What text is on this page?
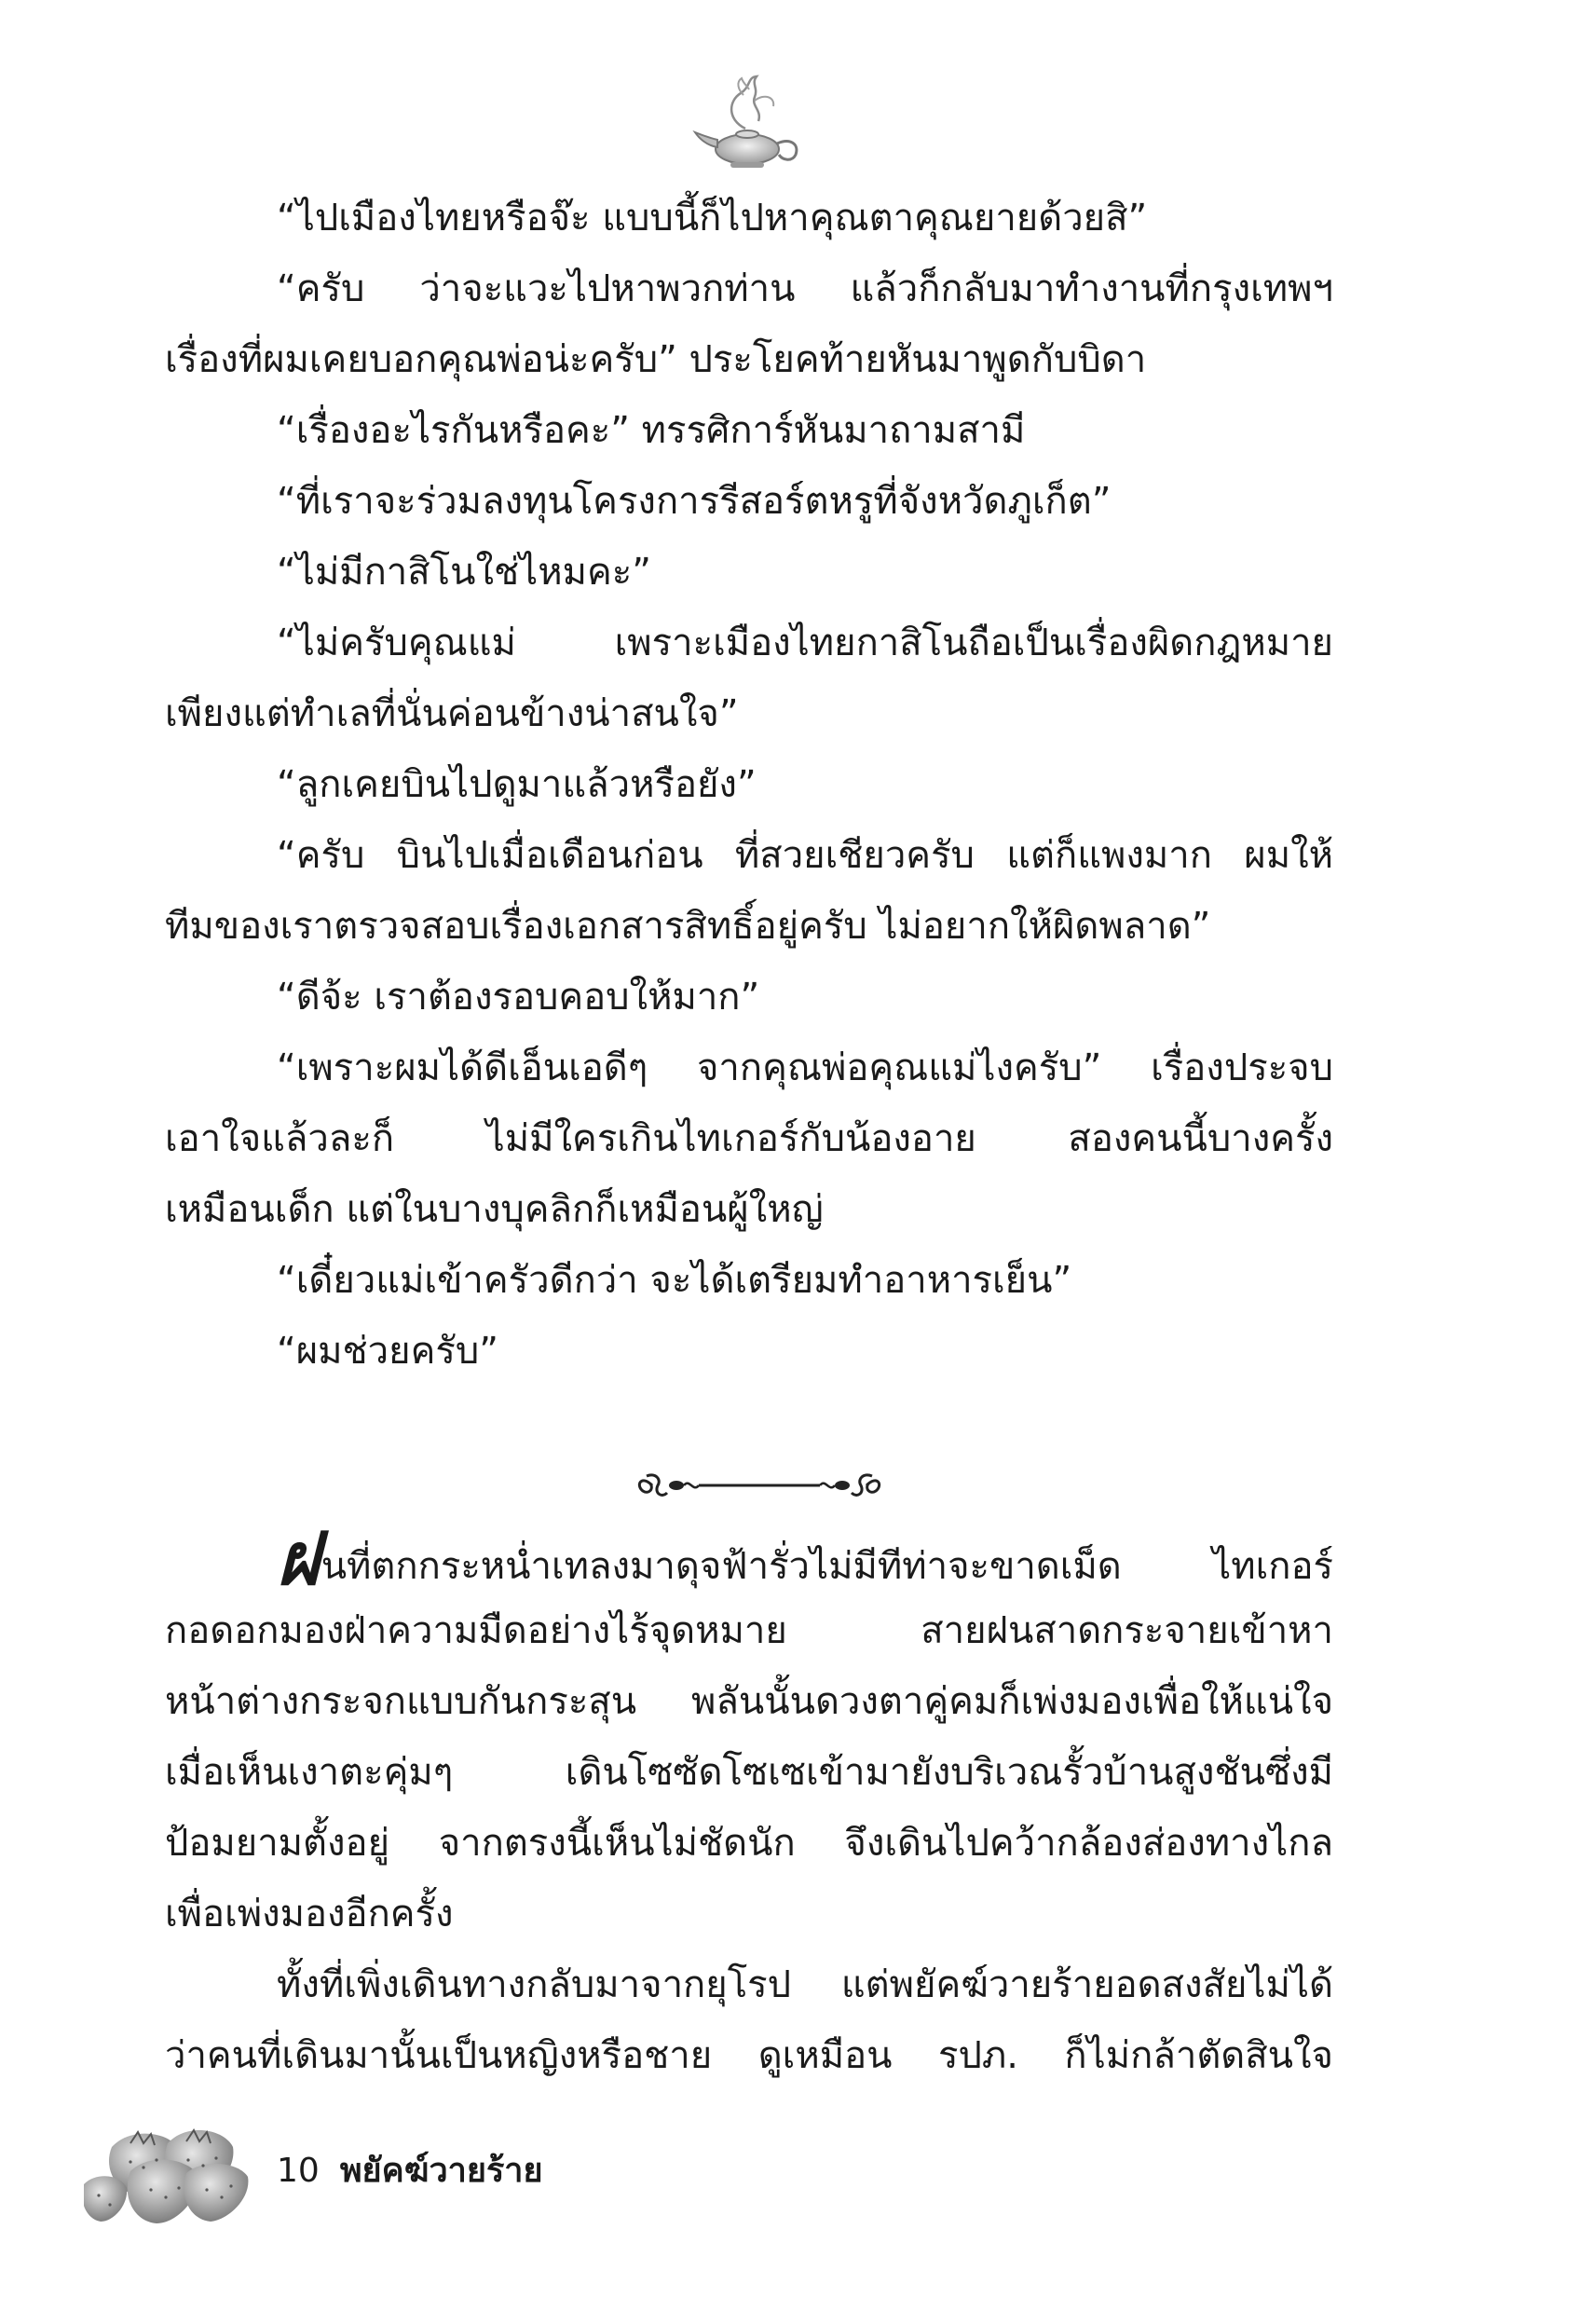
“ไปเมืองไทยหรือจ๊ะ แบบนี้ก็ไปหาคุณตาคุณยายด้วยสิ”
“ครับ ว่าจะแวะไปหาพวกท่าน แล้วก็กลับมาทำงานที่กรุงเทพฯ
เรื่องที่ผมเคยบอกคุณพ่อน่ะครับ” ประโยคท้ายหันมาพูดกับบิดา
“เรื่องอะไรกันหรือคะ” ทรรศิการ์หันมาถามสามี
“ที่เราจะร่วมลงทุนโครงการรีสอร์ตหรูที่จังหวัดภูเก็ต”
“ไม่มีกาสิโนใช่ไหมคะ”
“ไม่ครับคุณแม่ เพราะเมืองไทยกาสิโนถือเป็นเรื่องผิดกฎหมาย
เพียงแต่ทำเลที่นั่นค่อนข้างน่าสนใจ”
“ลูกเคยบินไปดูมาแล้วหรือยัง”
“ครับ บินไปเมื่อเดือนก่อน ที่สวยเชียวครับ แต่ก็แพงมาก ผมให้
ทีมของเราตรวจสอบเรื่องเอกสารสิทธิ์อยู่ครับ ไม่อยากให้ผิดพลาด”
“ดีจ้ะ เราต้องรอบคอบให้มาก”
“เพราะผมได้ดีเอ็นเอดีๆ จากคุณพ่อคุณแม่ไงครับ” เรื่องประจบ
เอาใจแล้วละก็ ไม่มีใครเกินไทเกอร์กับน้องอาย สองคนนี้บางครั้ง
เหมือนเด็ก แต่ในบางบุคลิกก็เหมือนผู้ใหญ่
“เดี๋ยวแม่เข้าครัวดีกว่า จะได้เตรียมทำอาหารเย็น”
“ผมช่วยครับ”
ฝนที่ตกกระหน่ำเทลงมาดุจฟ้ารั่วไม่มีทีท่าจะขาดเม็ด ไทเกอร์
กอดอกมองฝ่าความมืดอย่างไร้จุดหมาย สายฝนสาดกระจายเข้าหา
หน้าต่างกระจกแบบกันกระสุน พลันนั้นดวงตาคู่คมก็เพ่งมองเพื่อให้แน่ใจ
เมื่อเห็นเงาตะคุ่มๆ เดินโซซัดโซเซเข้ามายังบริเวณรั้วบ้านสูงชันซึ่งมี
ป้อมยามตั้งอยู่ จากตรงนี้เห็นไม่ชัดนัก จึงเดินไปคว้ากล้องส่องทางไกล
เพื่อเพ่งมองอีกครั้ง
ทั้งที่เพิ่งเดินทางกลับมาจากยุโรป แต่พยัคฆ์วายร้ายอดสงสัยไม่ได้
ว่าคนที่เดินมานั้นเป็นหญิงหรือชาย ดูเหมือน รปภ. ก็ไม่กล้าตัดสินใจ
10 พยัคฆ์วายร้าย
